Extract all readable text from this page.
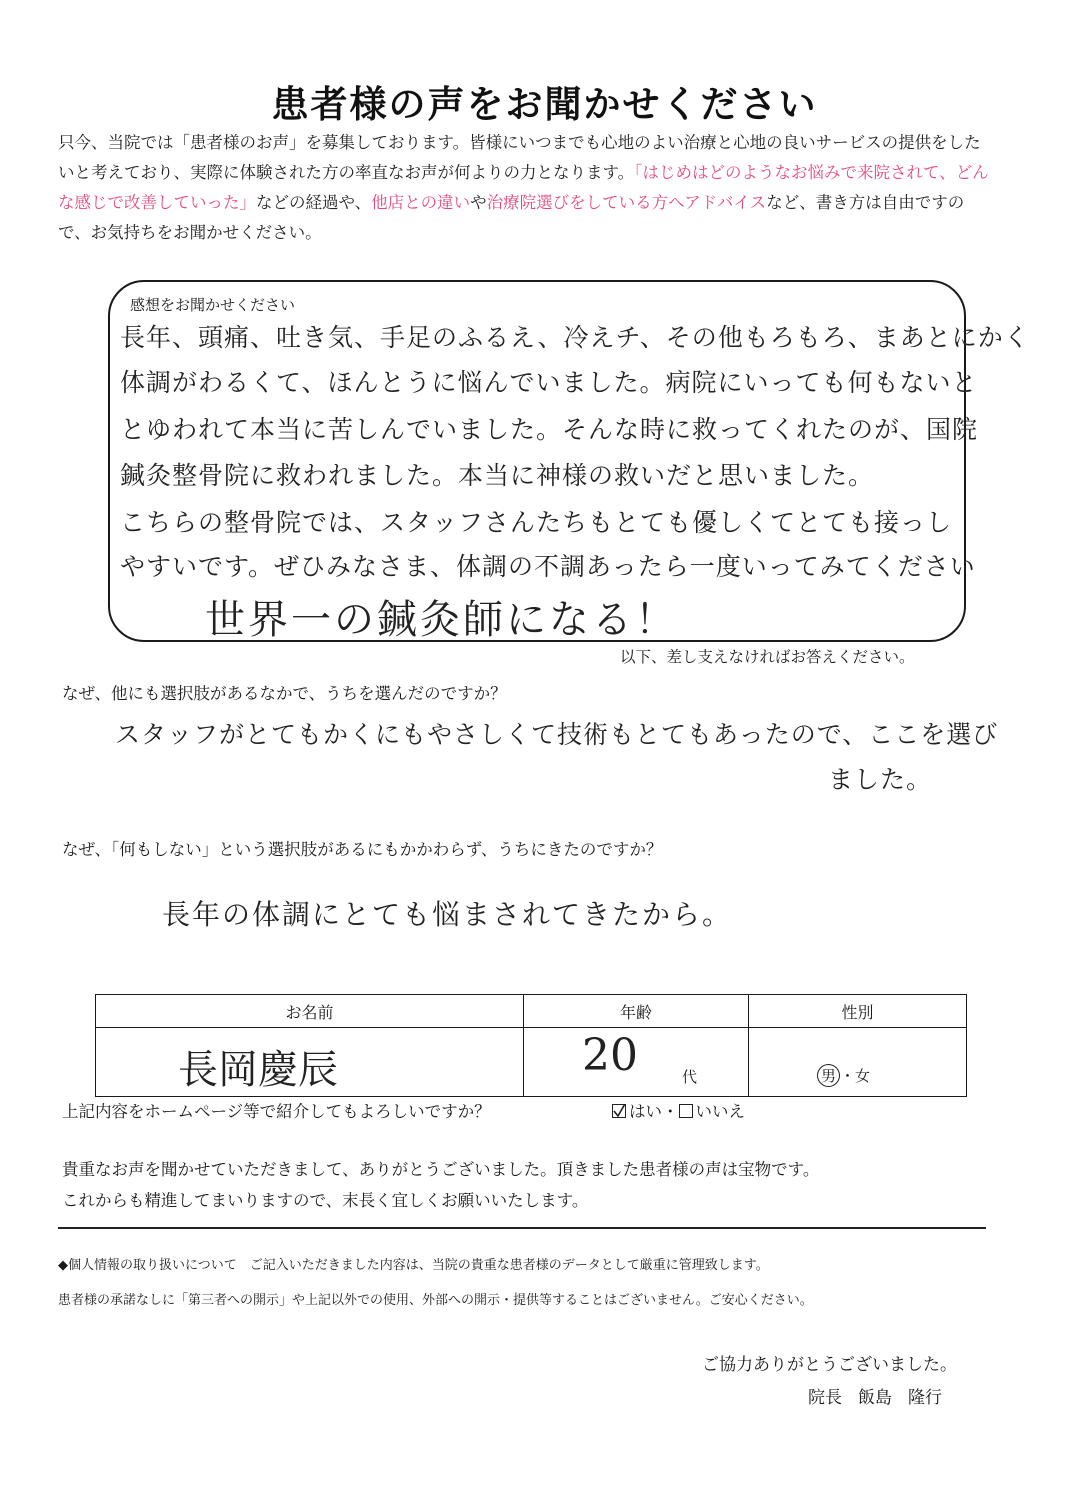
患者様の声をお聞かせください
只今、当院では「患者様のお声」を募集しております。皆様にいつまでも心地のよい治療と心地の良いサービスの提供をしたいと考えており、実際に体験された方の率直なお声が何よりの力となります。「はじめはどのようなお悩みで来院されて、どんな感じで改善していった」などの経過や、他店との違いや治療院選びをしている方へアドバイスなど、書き方は自由ですので、お気持ちをお聞かせください。
感想をお聞かせください
長年、頭痛、吐き気、手足のふるえ、冷えチ、その他もろもろ、まあとにかく
体調がわるくて、ほんとうに悩んでいました。病院にいっても何もないと
とゆわれて本当に苦しんでいました。そんな時に救ってくれたのが、国院
鍼灸整骨院に救われました。本当に神様の救いだと思いました。
こちらの整骨院では、スタッフさんたちもとても優しくてとても接っし
やすいです。ぜひみなさま、体調の不調あったら一度いってみてください
世界一の鍼灸師になる！
以下、差し支えなければお答えください。
なぜ、他にも選択肢があるなかで、うちを選んだのですか？
スタッフがとてもかくにもやさしくて技術もとてもあったので、ここを選び
ました。
なぜ、「何もしない」という選択肢があるにもかかわらず、うちにきたのですか？
長年の体調にとても悩まされてきたから。
お名前	年齢	性別

長岡慶辰	20 代	男 ・女
上記内容をホームページ等で紹介してもよろしいですか？	はい・ いいえ
貴重なお声を聞かせていただきまして、ありがとうございました。頂きました患者様の声は宝物です。
これからも精進してまいりますので、末長く宜しくお願いいたします。
◆個人情報の取り扱いについて　ご記入いただきました内容は、当院の貴重な患者様のデータとして厳重に管理致します。
患者様の承諾なしに「第三者への開示」や上記以外での使用、外部への開示・提供等することはございません。ご安心ください。
ご協力ありがとうございました。
院長 飯島 隆行
